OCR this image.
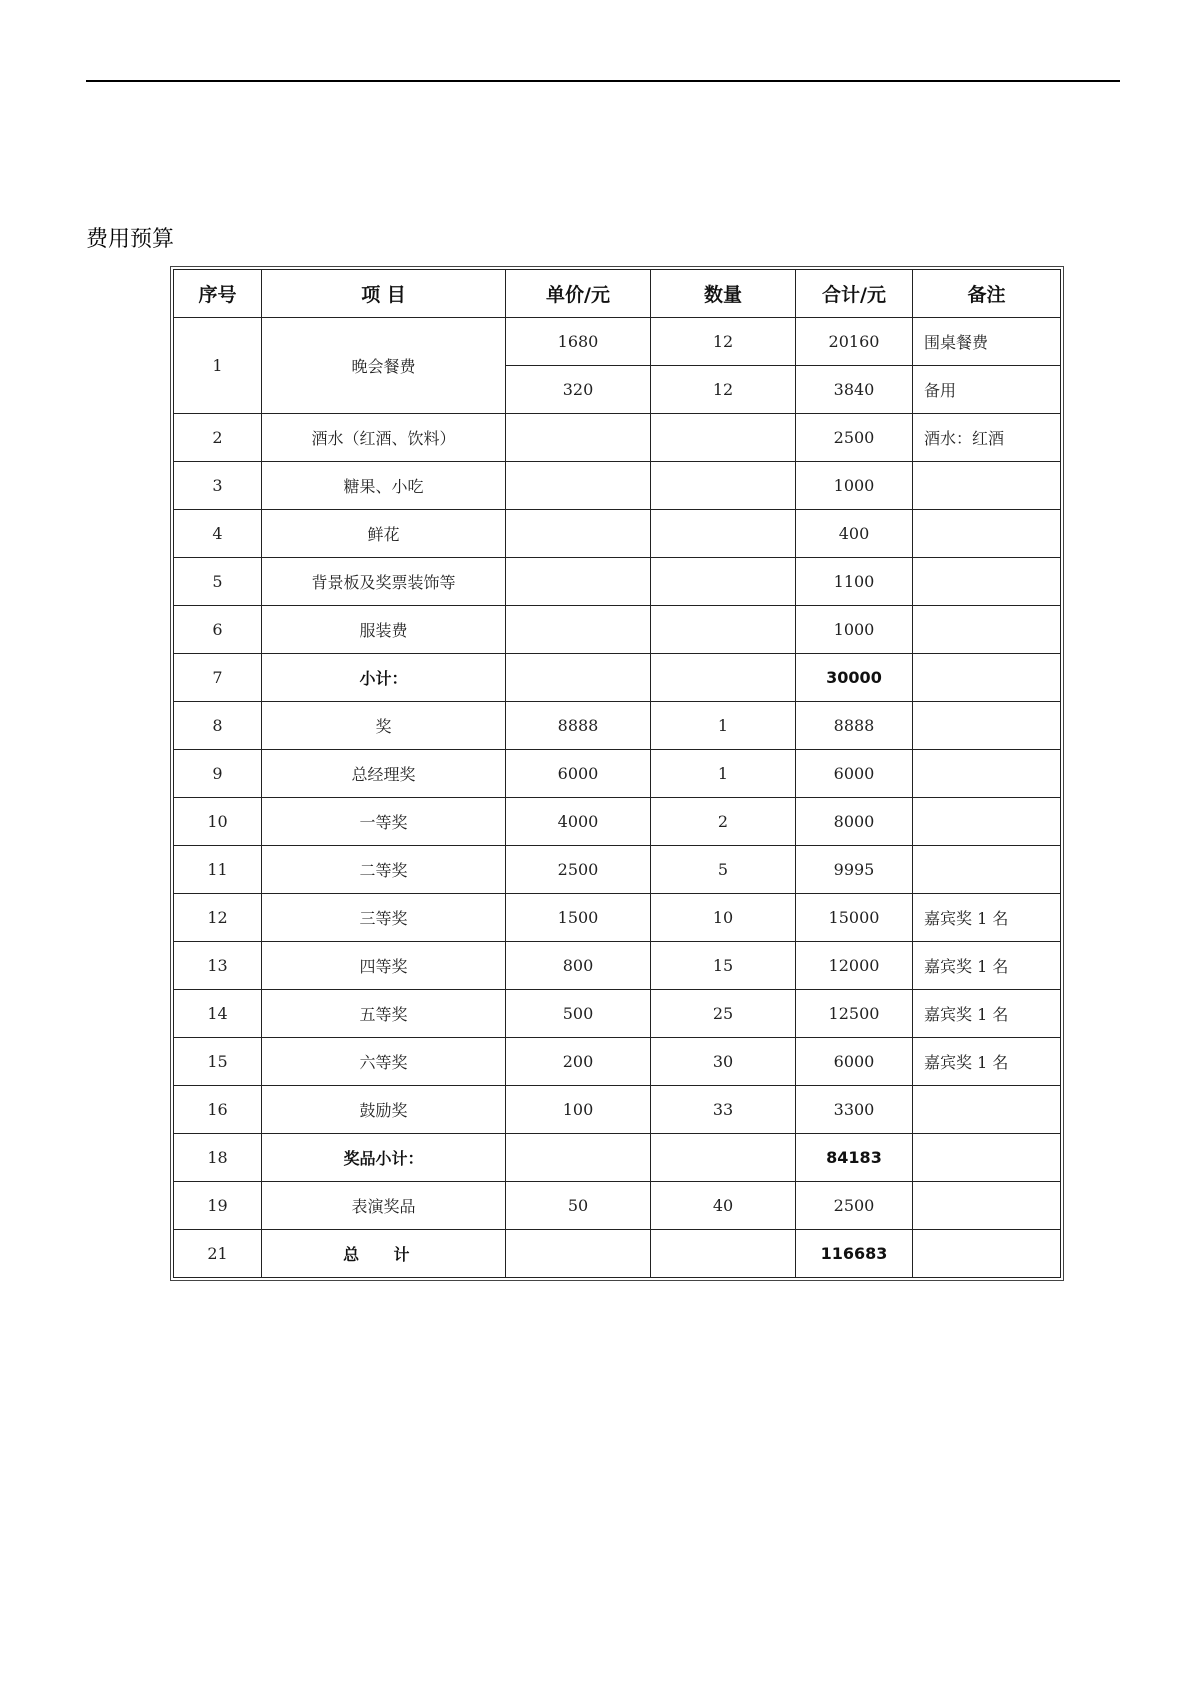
费用预算
序号	项 目	单价/元	数量	合计/元	备注
1	晚会餐费	1680	12	20160	围桌餐费
		320	12	3840	备用
2	酒水（红酒、饮料）			2500	酒水：红酒
3	糖果、小吃			1000	
4	鲜花			400	
5	背景板及奖票装饰等			1100	
6	服装费			1000	
7	小计：			30000	
8	奖	8888	1	8888	
9	总经理奖	6000	1	6000	
10	一等奖	4000	2	8000	
11	二等奖	2500	5	9995	
12	三等奖	1500	10	15000	嘉宾奖 1 名
13	四等奖	800	15	12000	嘉宾奖 1 名
14	五等奖	500	25	12500	嘉宾奖 1 名
15	六等奖	200	30	6000	嘉宾奖 1 名
16	鼓励奖	100	33	3300	
18	奖品小计：			84183	
19	表演奖品	50	40	2500	
21	总 计			116683	
